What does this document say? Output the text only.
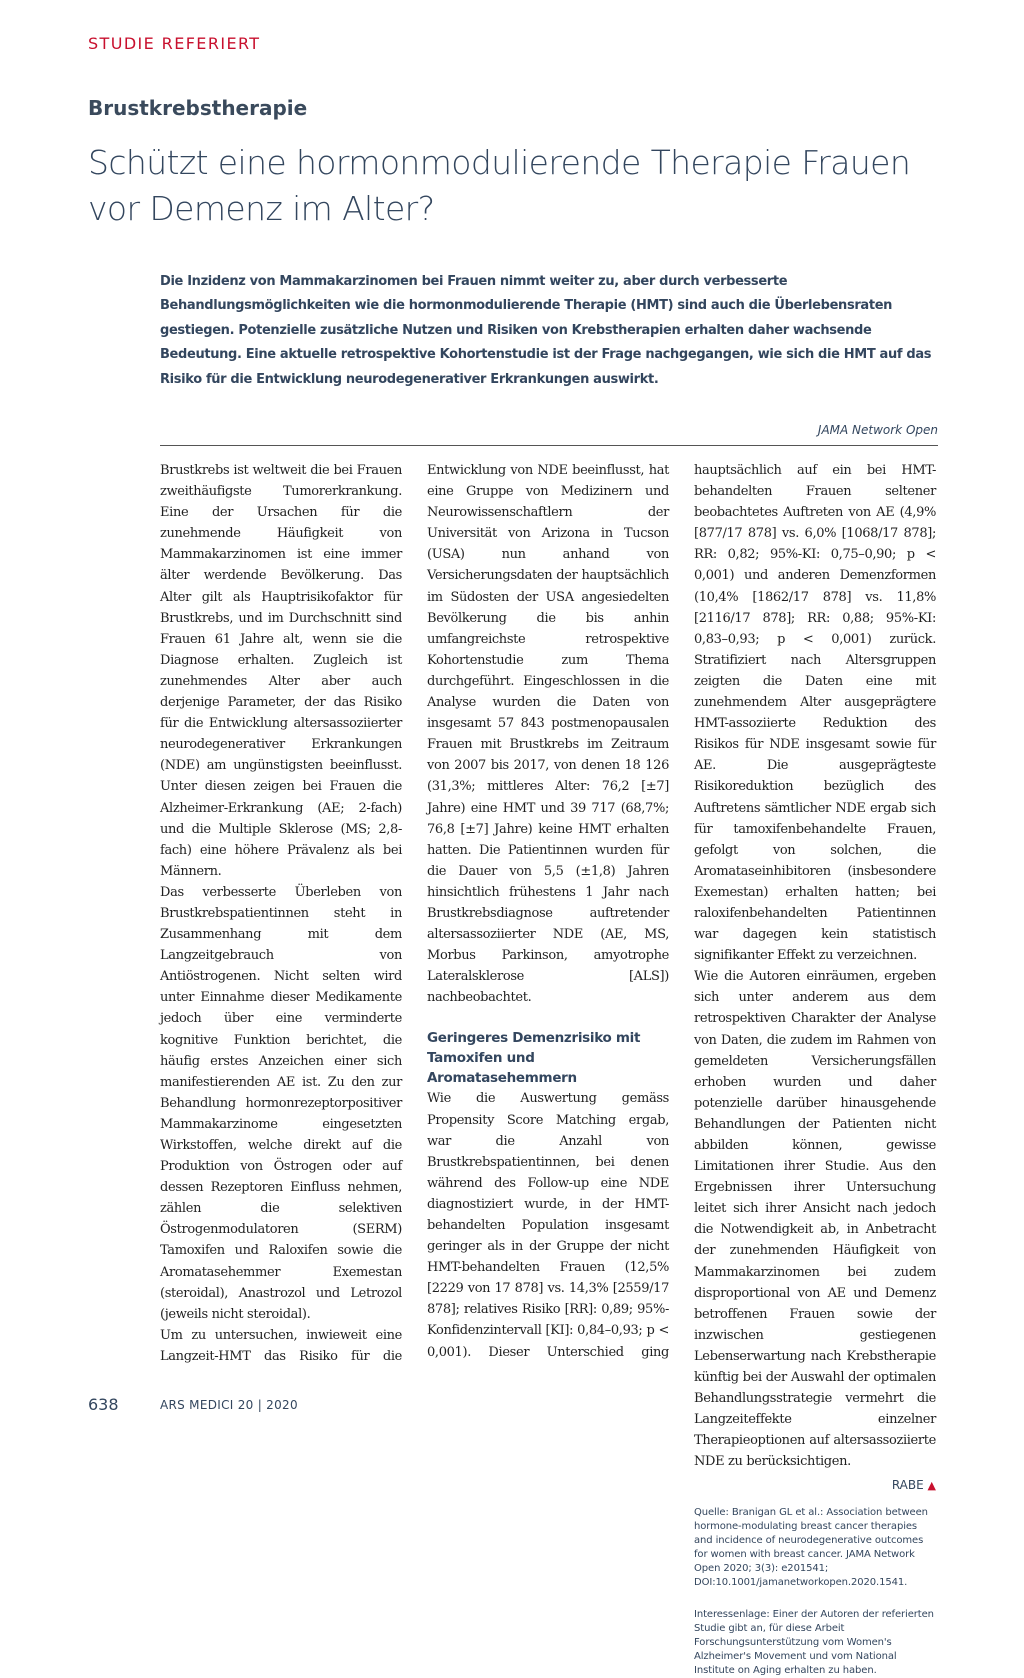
STUDIE REFERIERT
Brustkrebstherapie
Schützt eine hormonmodulierende Therapie Frauen vor Demenz im Alter?
Die Inzidenz von Mammakarzinomen bei Frauen nimmt weiter zu, aber durch verbesserte Behandlungsmöglichkeiten wie die hormonmodulierende Therapie (HMT) sind auch die Überlebensraten gestiegen. Potenzielle zusätzliche Nutzen und Risiken von Krebstherapien erhalten daher wachsende Bedeutung. Eine aktuelle retrospektive Kohortenstudie ist der Frage nachgegangen, wie sich die HMT auf das Risiko für die Entwicklung neurodegenerativer Erkrankungen auswirkt.
JAMA Network Open

Brustkrebs ist weltweit die bei Frauen zweithäufigste Tumorerkrankung. Eine der Ursachen für die zunehmende Häufigkeit von Mammakarzinomen ist eine immer älter werdende Bevölkerung. Das Alter gilt als Hauptrisikofaktor für Brustkrebs, und im Durchschnitt sind Frauen 61 Jahre alt, wenn sie die Diagnose erhalten. Zugleich ist zunehmendes Alter aber auch derjenige Parameter, der das Risiko für die Entwicklung altersassoziierter neurodegenerativer Erkrankungen (NDE) am ungünstigsten beeinflusst. Unter diesen zeigen bei Frauen die Alzheimer-Erkrankung (AE; 2-fach) und die Multiple Sklerose (MS; 2,8-fach) eine höhere Prävalenz als bei Männern.

Das verbesserte Überleben von Brustkrebspatientinnen steht in Zusammenhang mit dem Langzeitgebrauch von Antiöstrogenen. Nicht selten wird unter Einnahme dieser Medikamente jedoch über eine verminderte kognitive Funktion berichtet, die häufig erstes Anzeichen einer sich manifestierenden AE ist. Zu den zur Behandlung hormonrezeptorpositiver Mammakarzinome eingesetzten Wirkstoffen, welche direkt auf die Produktion von Östrogen oder auf dessen Rezeptoren Einfluss nehmen, zählen die selektiven Östrogenmodulatoren (SERM) Tamoxifen und Raloxifen sowie die Aromatasehemmer Exemestan (steroidal), Anastrozol und Letrozol (jeweils nicht steroidal).

Um zu untersuchen, inwieweit eine Langzeit-HMT das Risiko für die

Entwicklung von NDE beeinflusst, hat eine Gruppe von Medizinern und Neurowissenschaftlern der Universität von Arizona in Tucson (USA) nun anhand von Versicherungsdaten der hauptsächlich im Südosten der USA angesiedelten Bevölkerung die bis anhin umfangreichste retrospektive Kohortenstudie zum Thema durchgeführt. Eingeschlossen in die Analyse wurden die Daten von insgesamt 57 843 postmenopausalen Frauen mit Brustkrebs im Zeitraum von 2007 bis 2017, von denen 18 126 (31,3%; mittleres Alter: 76,2 [±7] Jahre) eine HMT und 39 717 (68,7%; 76,8 [±7] Jahre) keine HMT erhalten hatten. Die Patientinnen wurden für die Dauer von 5,5 (±1,8) Jahren hinsichtlich frühestens 1 Jahr nach Brustkrebsdiagnose auftretender altersassoziierter NDE (AE, MS, Morbus Parkinson, amyotrophe Lateralsklerose [ALS]) nachbeobachtet.

Geringeres Demenzrisiko mit Tamoxifen und Aromatasehemmern

Wie die Auswertung gemäss Propensity Score Matching ergab, war die Anzahl von Brustkrebspatientinnen, bei denen während des Follow-up eine NDE diagnostiziert wurde, in der HMT-behandelten Population insgesamt geringer als in der Gruppe der nicht HMT-behandelten Frauen (12,5% [2229 von 17 878] vs. 14,3% [2559/17 878]; relatives Risiko [RR]: 0,89; 95%-Konfidenzintervall [KI]: 0,84–0,93; p < 0,001). Dieser Unterschied ging

hauptsächlich auf ein bei HMT-behandelten Frauen seltener beobachtetes Auftreten von AE (4,9% [877/17 878] vs. 6,0% [1068/17 878]; RR: 0,82; 95%-KI: 0,75–0,90; p < 0,001) und anderen Demenzformen (10,4% [1862/17 878] vs. 11,8% [2116/17 878]; RR: 0,88; 95%-KI: 0,83–0,93; p < 0,001) zurück. Stratifiziert nach Altersgruppen zeigten die Daten eine mit zunehmendem Alter ausgeprägtere HMT-assoziierte Reduktion des Risikos für NDE insgesamt sowie für AE. Die ausgeprägteste Risikoreduktion bezüglich des Auftretens sämtlicher NDE ergab sich für tamoxifenbehandelte Frauen, gefolgt von solchen, die Aromataseinhibitoren (insbesondere Exemestan) erhalten hatten; bei raloxifenbehandelten Patientinnen war dagegen kein statistisch signifikanter Effekt zu verzeichnen.

Wie die Autoren einräumen, ergeben sich unter anderem aus dem retrospektiven Charakter der Analyse von Daten, die zudem im Rahmen von gemeldeten Versicherungsfällen erhoben wurden und daher potenzielle darüber hinausgehende Behandlungen der Patienten nicht abbilden können, gewisse Limitationen ihrer Studie. Aus den Ergebnissen ihrer Untersuchung leitet sich ihrer Ansicht nach jedoch die Notwendigkeit ab, in Anbetracht der zunehmenden Häufigkeit von Mammakarzinomen bei zudem disproportional von AE und Demenz betroffenen Frauen sowie der inzwischen gestiegenen Lebenserwartung nach Krebstherapie künftig bei der Auswahl der optimalen Behandlungsstrategie vermehrt die Langzeiteffekte einzelner Therapieoptionen auf altersassoziierte NDE zu berücksichtigen.

RABE ▲
Quelle: Branigan GL et al.: Association between hormone-modulating breast cancer therapies and incidence of neurodegenerative outcomes for women with breast cancer. JAMA Network Open 2020; 3(3): e201541; DOI:10.1001/jamanetworkopen.2020.1541.
Interessenlage: Einer der Autoren der referierten Studie gibt an, für diese Arbeit Forschungsunterstützung vom Women's Alzheimer's Movement und vom National Institute on Aging erhalten zu haben.
638	ARS MEDICI 20 | 2020
